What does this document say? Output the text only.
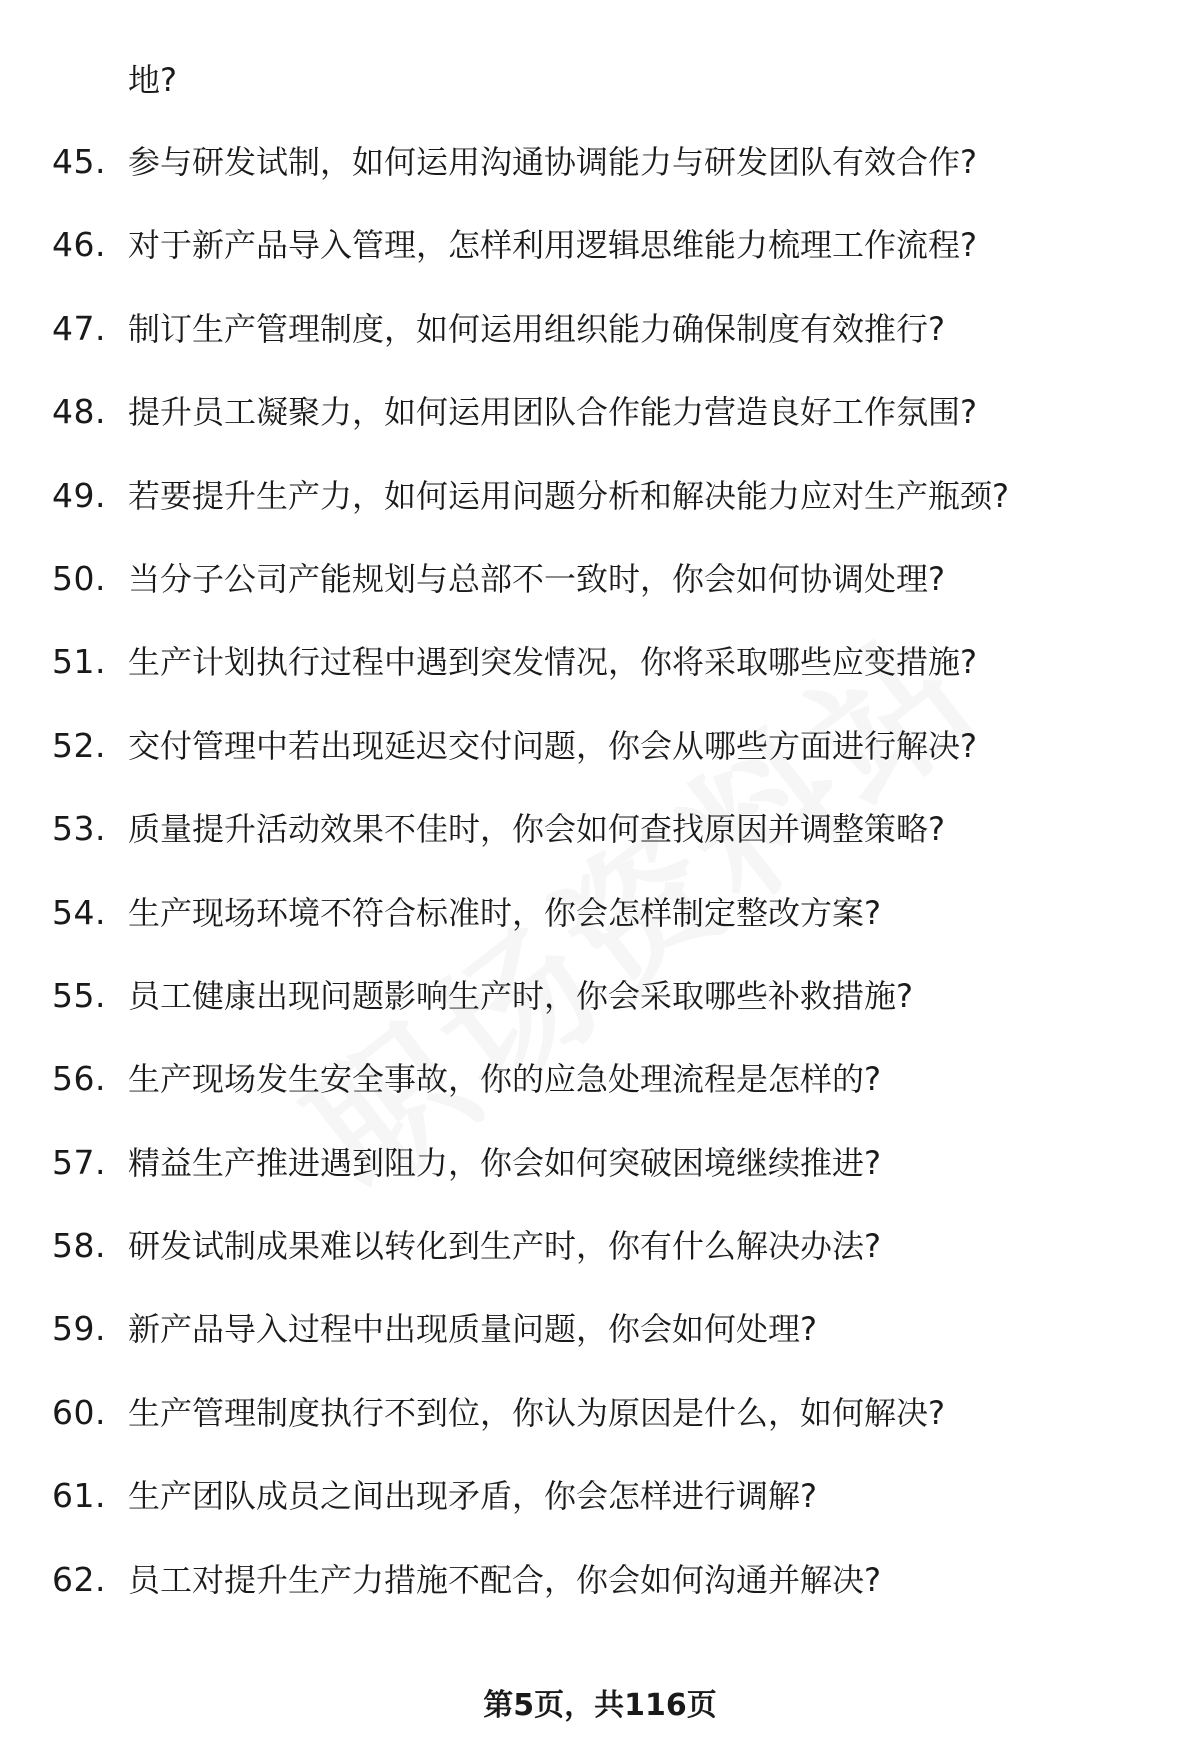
地?
45. 参与研发试制，如何运用沟通协调能力与研发团队有效合作?
46. 对于新产品导入管理，怎样利用逻辑思维能力梳理工作流程?
47. 制订生产管理制度，如何运用组织能力确保制度有效推行?
48. 提升员工凝聚力，如何运用团队合作能力营造良好工作氛围?
49. 若要提升生产力，如何运用问题分析和解决能力应对生产瓶颈?
50. 当分子公司产能规划与总部不一致时，你会如何协调处理?
51. 生产计划执行过程中遇到突发情况，你将采取哪些应变措施?
52. 交付管理中若出现延迟交付问题，你会从哪些方面进行解决?
53. 质量提升活动效果不佳时，你会如何查找原因并调整策略?
54. 生产现场环境不符合标准时，你会怎样制定整改方案?
55. 员工健康出现问题影响生产时，你会采取哪些补救措施?
56. 生产现场发生安全事故，你的应急处理流程是怎样的?
57. 精益生产推进遇到阻力，你会如何突破困境继续推进?
58. 研发试制成果难以转化到生产时，你有什么解决办法?
59. 新产品导入过程中出现质量问题，你会如何处理?
60. 生产管理制度执行不到位，你认为原因是什么，如何解决?
61. 生产团队成员之间出现矛盾，你会怎样进行调解?
62. 员工对提升生产力措施不配合，你会如何沟通并解决?
第5页，共116页
